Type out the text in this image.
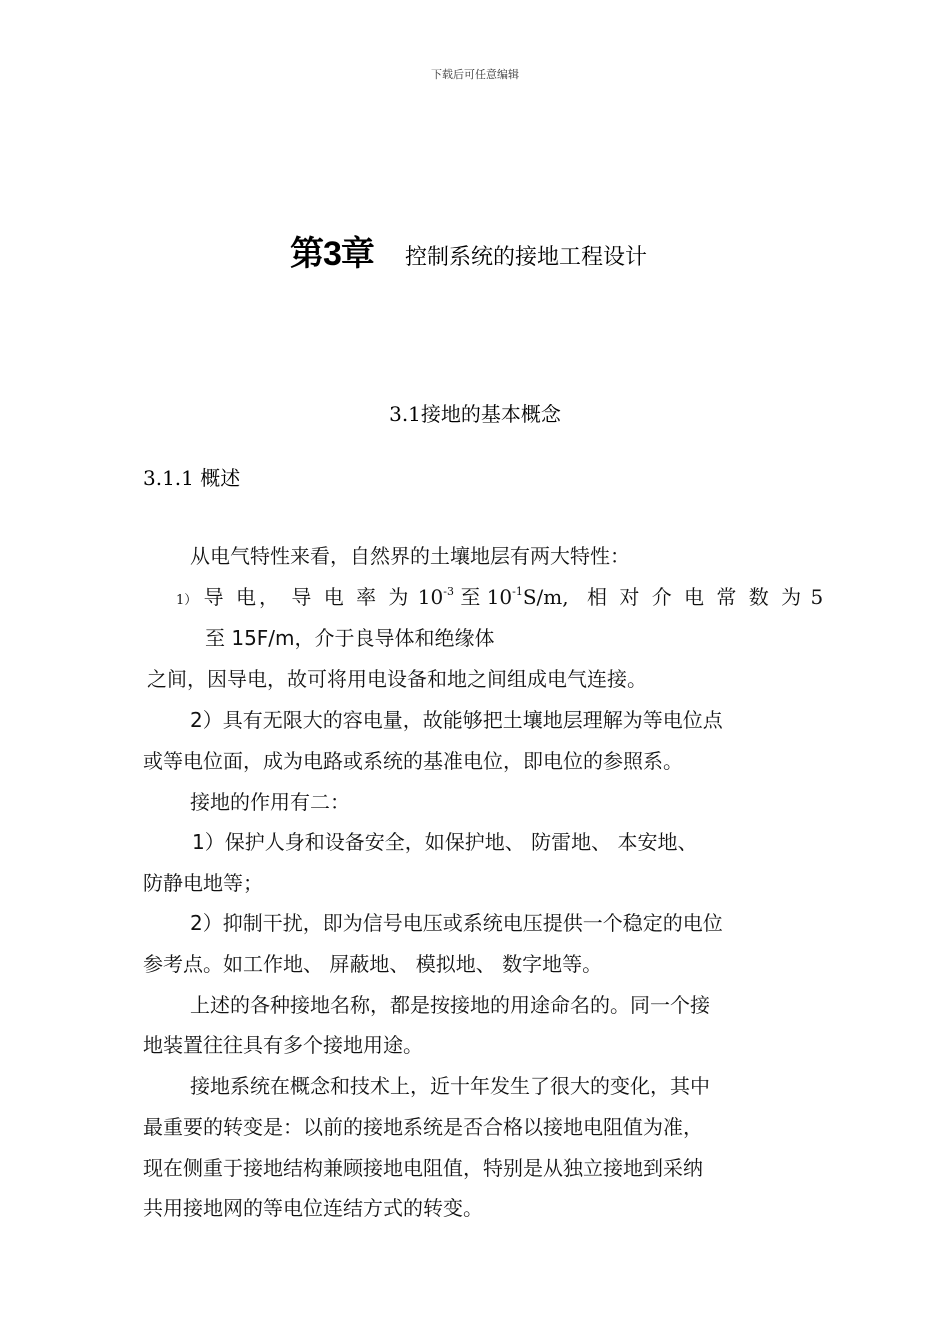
下载后可任意编辑
第3章 控制系统的接地工程设计
3.1接地的基本概念
3.1.1 概述
从电气特性来看，自然界的土壤地层有两大特性：
1） 导 电， 导 电 率 为 $10^{-3}$ 至 $10^{-1}S/m$, 相 对 介 电 常 数 为 5
至 15F/m，介于良导体和绝缘体
之间，因导电，故可将用电设备和地之间组成电气连接。
2）具有无限大的容电量，故能够把土壤地层理解为等电位点
或等电位面，成为电路或系统的基准电位，即电位的参照系。
接地的作用有二：
1）保护人身和设备安全，如保护地、 防雷地、 本安地、
防静电地等；
2）抑制干扰，即为信号电压或系统电压提供一个稳定的电位
参考点。如工作地、 屏蔽地、 模拟地、 数字地等。
上述的各种接地名称，都是按接地的用途命名的。同一个接
地装置往往具有多个接地用途。
接地系统在概念和技术上，近十年发生了很大的变化，其中
最重要的转变是：以前的接地系统是否合格以接地电阻值为准，
现在侧重于接地结构兼顾接地电阻值，特别是从独立接地到采纳
共用接地网的等电位连结方式的转变。
